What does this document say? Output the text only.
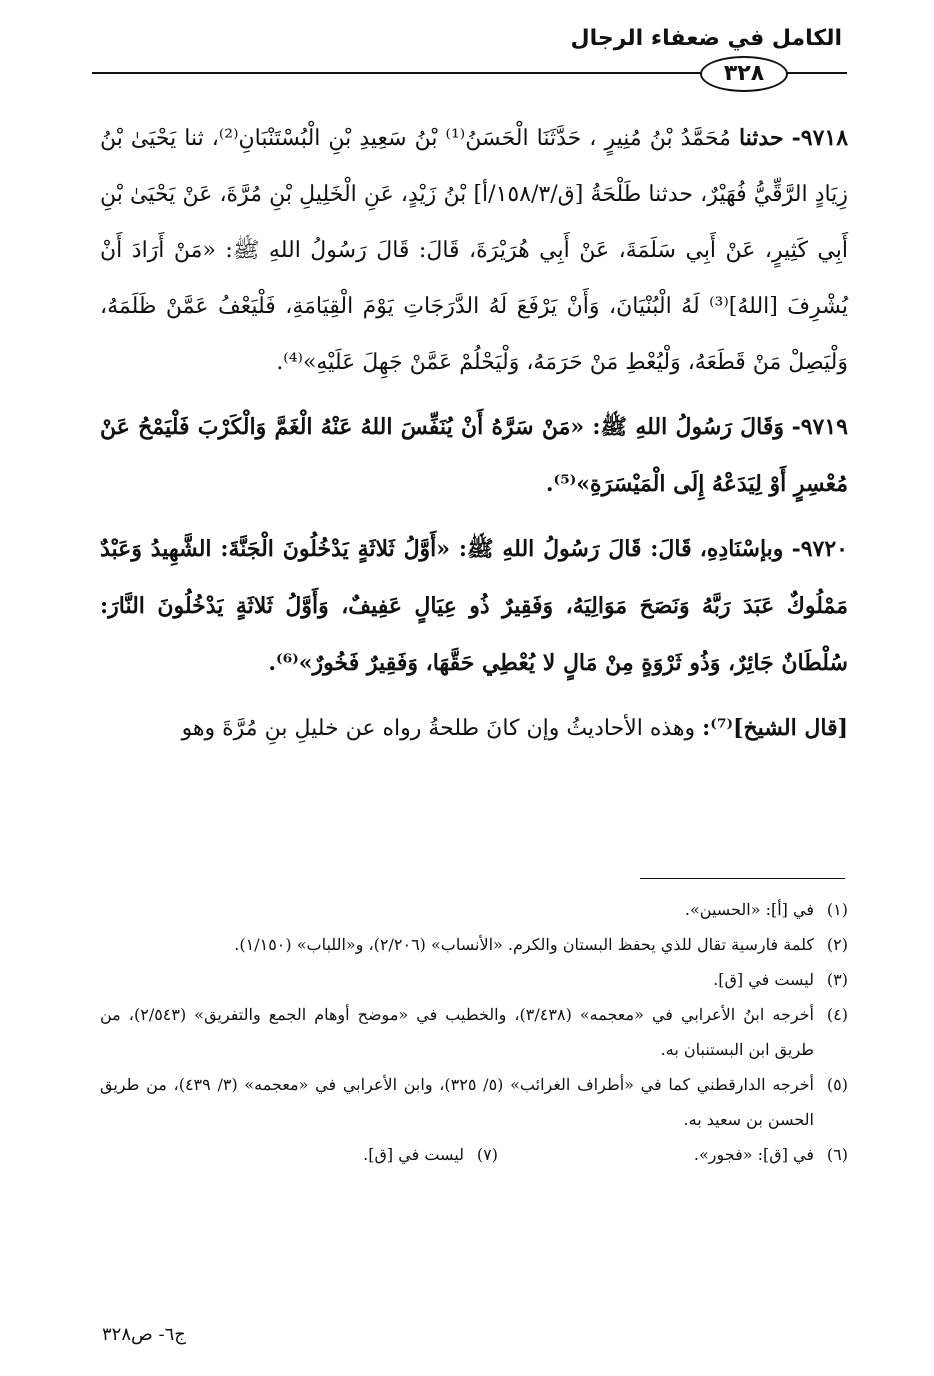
الكامل في ضعفاء الرجال
٣٢٨

٩٧١٨- حدثنا مُحَمَّدُ بْنُ مُنِيرٍ ، حَدَّثَنَا الْحَسَنُ⁽¹⁾ بْنُ سَعِيدِ بْنِ الْبُسْتَنْبَانِ⁽²⁾، ثنا يَحْيَىٰ بْنُ زِيَادٍ الرَّقِّيُّ فُهَيْرٌ، حدثنا طَلْحَةُ [ق/١٥٨/٣/أ] بْنُ زَيْدٍ، عَنِ الْخَلِيلِ بْنِ مُرَّةَ، عَنْ يَحْيَىٰ بْنِ أَبِي كَثِيرٍ، عَنْ أَبِي سَلَمَةَ، عَنْ أَبِي هُرَيْرَةَ، قَالَ: قَالَ رَسُولُ اللهِ ﷺ: «مَنْ أَرَادَ أَنْ يُشْرِفَ [اللهُ]⁽³⁾ لَهُ الْبُنْيَانَ، وَأَنْ يَرْفَعَ لَهُ الدَّرَجَاتِ يَوْمَ الْقِيَامَةِ، فَلْيَعْفُ عَمَّنْ ظَلَمَهُ، وَلْيَصِلْ مَنْ قَطَعَهُ، وَلْيُعْطِ مَنْ حَرَمَهُ، وَلْيَحْلُمْ عَمَّنْ جَهِلَ عَلَيْهِ»⁽⁴⁾.

٩٧١٩- وَقَالَ رَسُولُ اللهِ ﷺ: «مَنْ سَرَّهُ أَنْ يُنَفِّسَ اللهُ عَنْهُ الْغَمَّ وَالْكَرْبَ فَلْيَمْحُ عَنْ مُعْسِرٍ أَوْ لِيَدَعْهُ إِلَى الْمَيْسَرَةِ»⁽⁵⁾.

٩٧٢٠- وبإسْنَادِهِ، قَالَ: قَالَ رَسُولُ اللهِ ﷺ: «أَوَّلُ ثَلاثَةٍ يَدْخُلُونَ الْجَنَّةَ: الشَّهِيدُ وَعَبْدٌ مَمْلُوكٌ عَبَدَ رَبَّهُ وَنَصَحَ مَوَالِيَهُ، وَفَقِيرٌ ذُو عِيَالٍ عَفِيفٌ، وَأَوَّلُ ثَلاثَةٍ يَدْخُلُونَ النَّارَ: سُلْطَانٌ جَائِرٌ، وَذُو ثَرْوَةٍ مِنْ مَالٍ لا يُعْطِي حَقَّهَا، وَفَقِيرٌ فَخُورٌ»⁽⁶⁾.

[قال الشيخ]⁽⁷⁾: وهذه الأحاديثُ وإن كانَ طلحةُ رواه عن خليلِ بنِ مُرَّةَ وهو

(١)
في [أ]: «الحسين».
(٢)
كلمة فارسية تقال للذي يحفظ البستان والكرم. «الأنساب» (٢/٢٠٦)، و«اللباب» (١/١٥٠).
(٣)
ليست في [ق].
(٤)
أخرجه ابنُ الأعرابي في «معجمه» (٣/٤٣٨)، والخطيب في «موضح أوهام الجمع والتفريق» (٢/٥٤٣)، من طريق ابن البستنبان به.
(٥)
أخرجه الدارقطني كما في «أطراف الغرائب» (٥/ ٣٢٥)، وابن الأعرابي في «معجمه» (٣/ ٤٣٩)، من طريق الحسن بن سعيد به.
(٦)
في [ق]: «فجور».
(٧)
ليست في [ق].
ج٦- ص٣٢٨
